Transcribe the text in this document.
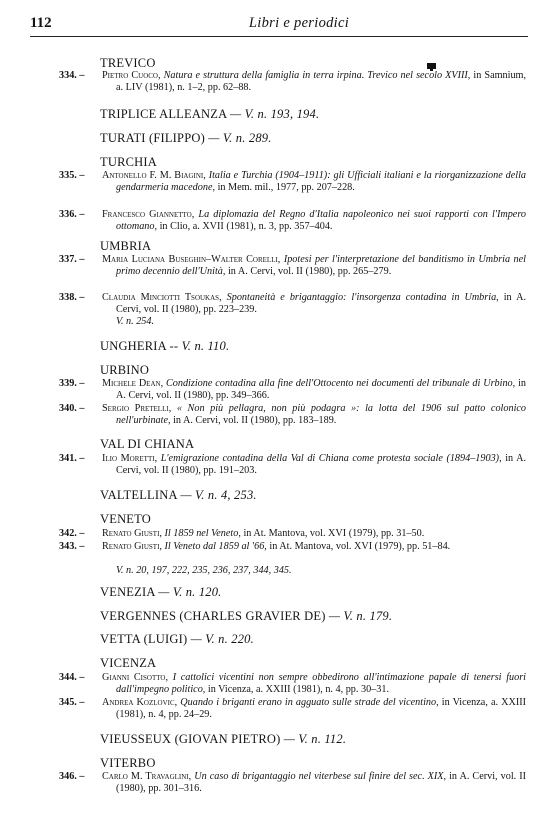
112	Libri e periodici
TREVICO
334. – Pietro Cuoco, Natura e struttura della famiglia in terra irpina. Trevico nel secolo XVIII, in Samnium, a. LIV (1981), n. 1–2, pp. 62–88.
TRIPLICE ALLEANZA — V. n. 193, 194.
TURATI (FILIPPO) — V. n. 289.
TURCHIA
335. – Antonello F. M. Biagini, Italia e Turchia (1904–1911): gli Ufficiali italiani e la riorganizzazione della gendarmeria macedone, in Mem. mil., 1977, pp. 207–228.
336. – Francesco Giannetto, La diplomazia del Regno d'Italia napoleonico nei suoi rapporti con l'Impero ottomano, in Clio, a. XVII (1981), n. 3, pp. 357–404.
UMBRIA
337. – Maria Luciana Buseghin–Walter Corelli, Ipotesi per l'interpretazione del banditismo in Umbria nel primo decennio dell'Unità, in A. Cervi, vol. II (1980), pp. 265–279.
338. – Claudia Minciotti Tsoukas, Spontaneità e brigantaggio: l'insorgenza contadina in Umbria, in A. Cervi, vol. II (1980), pp. 223–239.
V. n. 254.
UNGHERIA -- V. n. 110.
URBINO
339. – Michele Dean, Condizione contadina alla fine dell'Ottocento nei documenti del tribunale di Urbino, in A. Cervi, vol. II (1980), pp. 349–366.
340. – Sergio Pretelli, « Non più pellagra, non più podagra »: la lotta del 1906 sul patto colonico nell'urbinate, in A. Cervi, vol. II (1980), pp. 183–189.
VAL DI CHIANA
341. – Ilio Moretti, L'emigrazione contadina della Val di Chiana come protesta sociale (1894–1903), in A. Cervi, vol. II (1980), pp. 191–203.
VALTELLINA — V. n. 4, 253.
VENETO
342. – Renato Giusti, Il 1859 nel Veneto, in At. Mantova, vol. XVI (1979), pp. 31–50.
343. – Renato Giusti, Il Veneto dal 1859 al '66, in At. Mantova, vol. XVI (1979), pp. 51–84.
V. n. 20, 197, 222, 235, 236, 237, 344, 345.
VENEZIA — V. n. 120.
VERGENNES (CHARLES GRAVIER DE) — V. n. 179.
VETTA (LUIGI) — V. n. 220.
VICENZA
344. – Gianni Cisotto, I cattolici vicentini non sempre obbedirono all'intimazione papale di tenersi fuori dall'impegno politico, in Vicenza, a. XXIII (1981), n. 4, pp. 30–31.
345. – Andrea Kozlovic, Quando i briganti erano in agguato sulle strade del vicentino, in Vicenza, a. XXIII (1981), n. 4, pp. 24–29.
VIEUSSEUX (GIOVAN PIETRO) — V. n. 112.
VITERBO
346. – Carlo M. Travaglini, Un caso di brigantaggio nel viterbese sul finire del sec. XIX, in A. Cervi, vol. II (1980), pp. 301–316.
